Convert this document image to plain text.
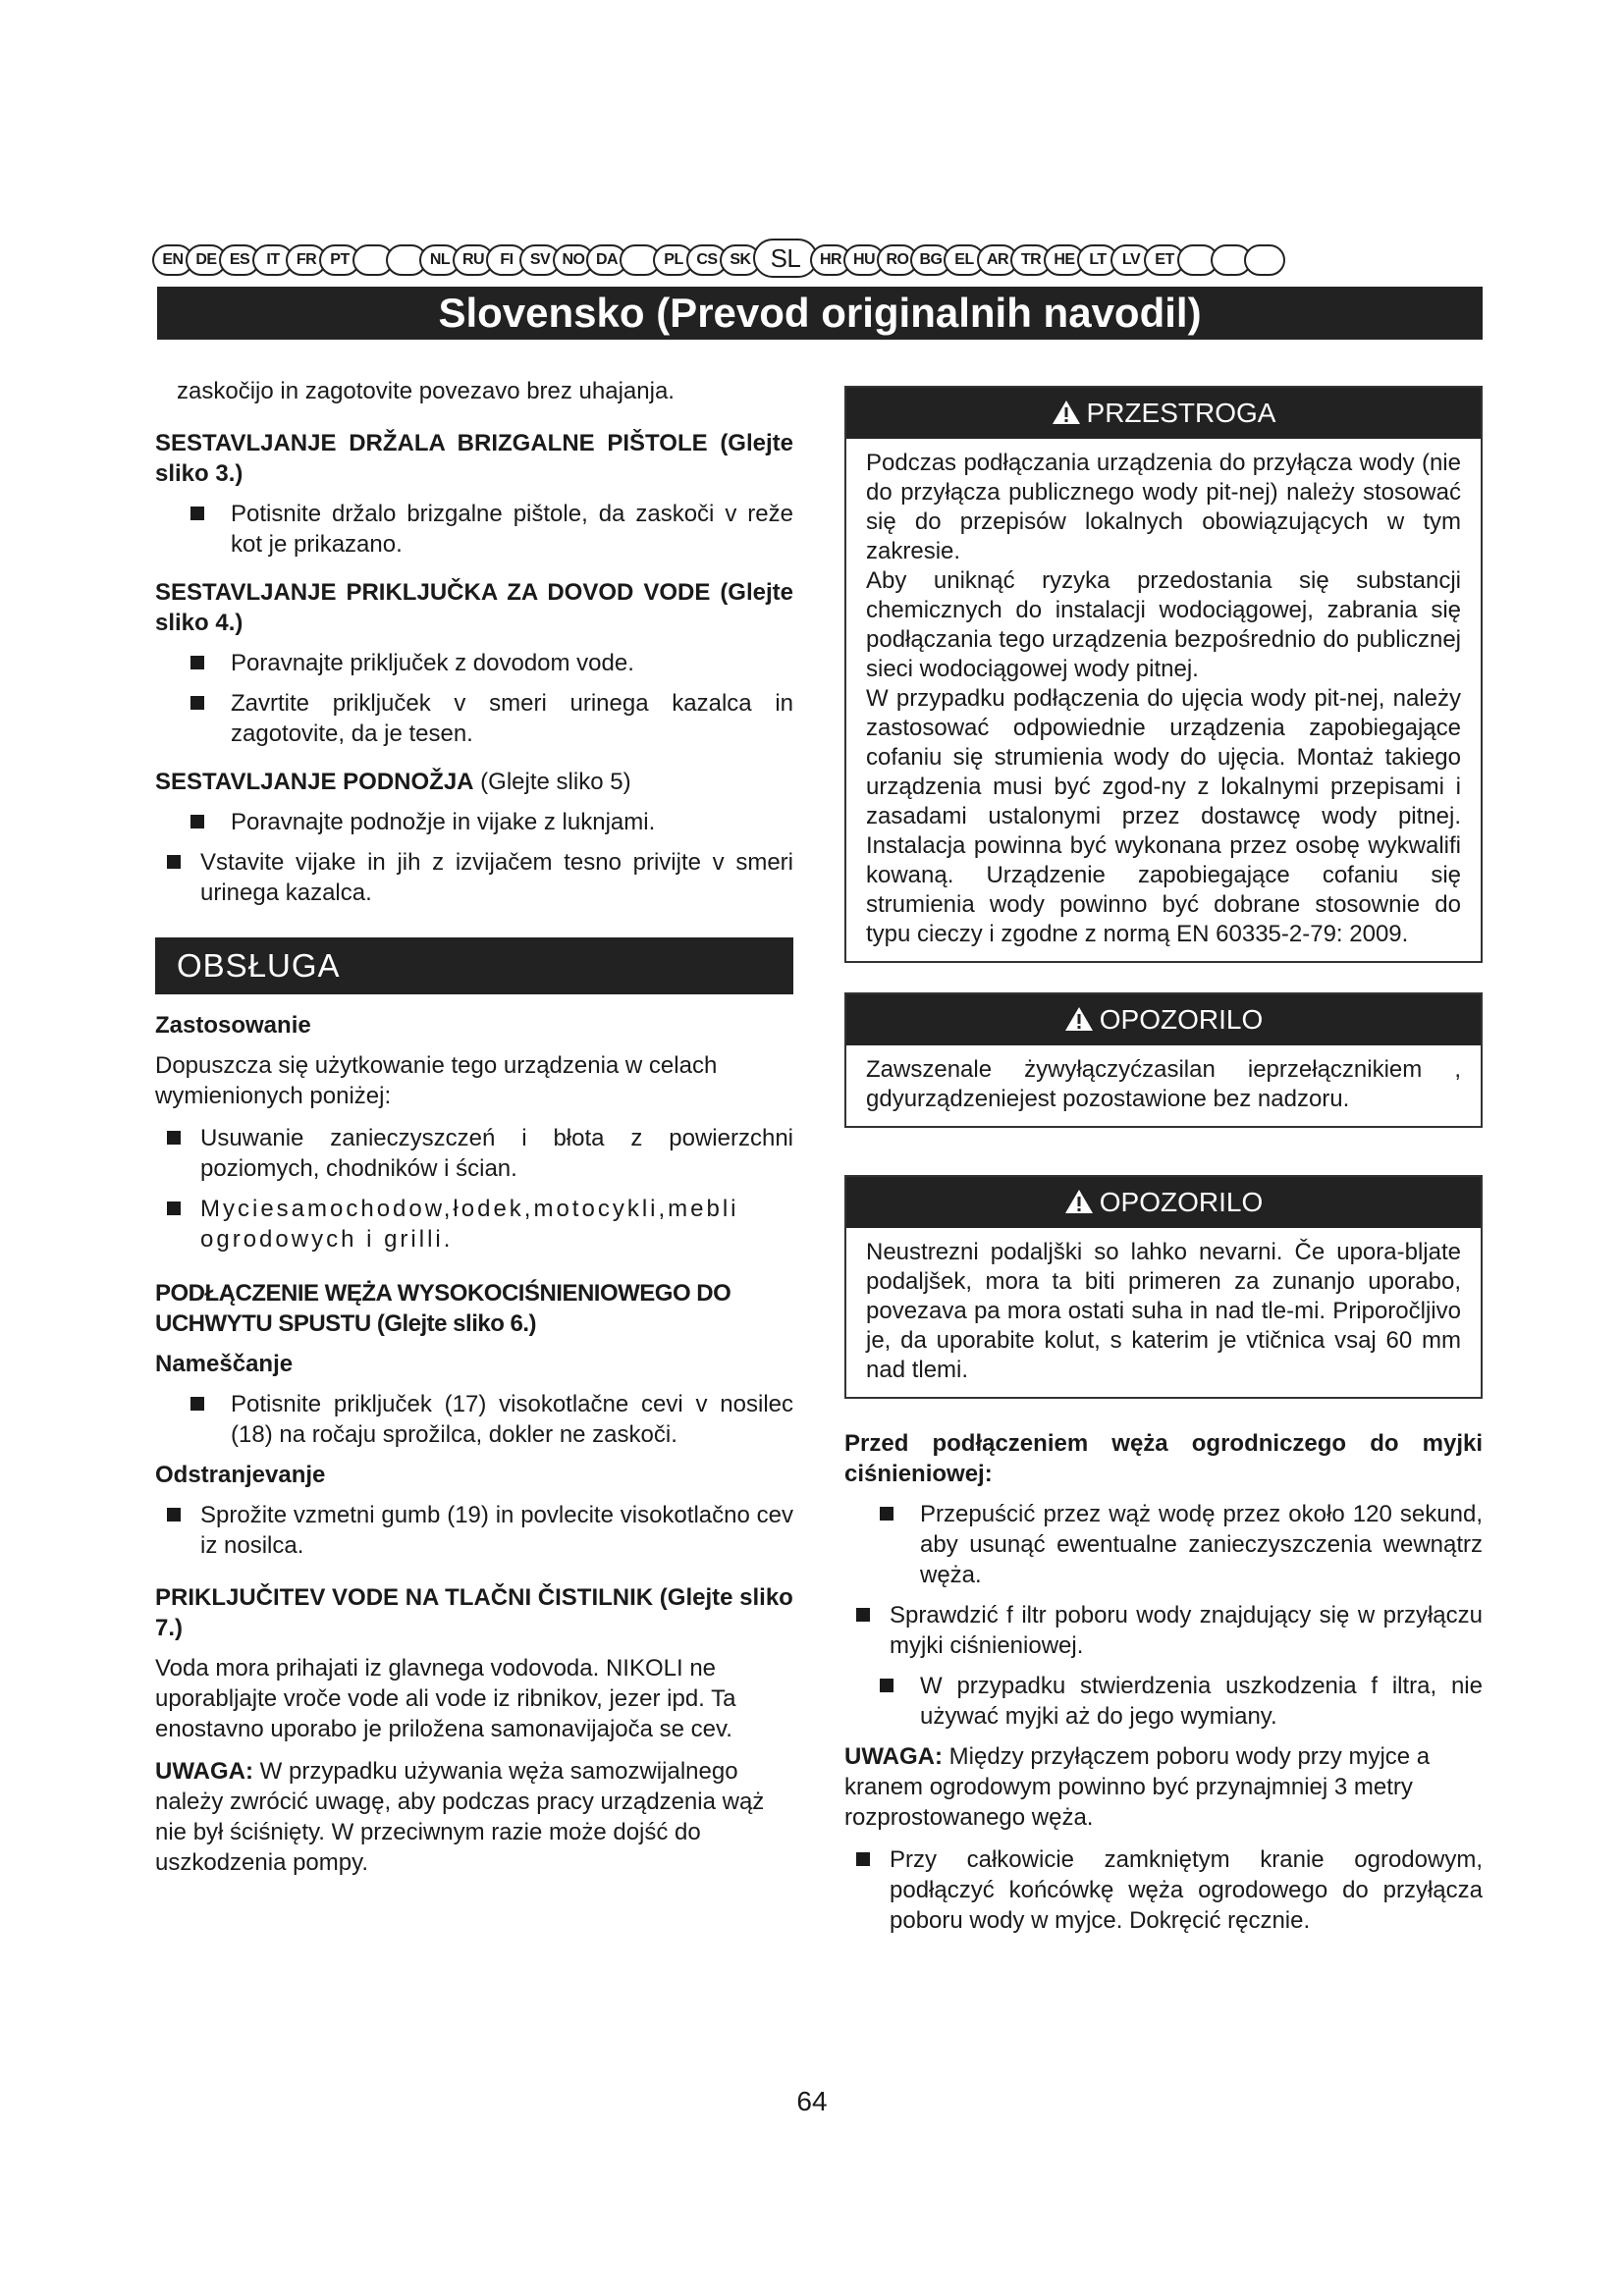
EN DE ES	IT	FR PT	NL RU	FI	SV NO DA	PL CS SK SL	HR HU RO BG EL AR TR HE LT	LV ET
Slovensko (Prevod originalnih navodil)

zaskočijo in zagotovite povezavo brez uhajanja.

SESTAVLJANJE DRŽALA BRIZGALNE PIŠTOLE (Glejte sliko 3.)
Potisnite držalo brizgalne pištole, da zaskoči v reže kot je prikazano.
SESTAVLJANJE PRIKLJUČKA ZA DOVOD VODE (Glejte sliko 4.)
Poravnajte priključek z dovodom vode.
Zavrtite priključek v smeri urinega kazalca in zagotovite, da je tesen.
SESTAVLJANJE PODNOŽJA (Glejte sliko 5)
Poravnajte podnožje in vijake z luknjami.
Vstavite vijake in jih z izvijačem tesno privijte v smeri urinega kazalca.
OBSŁUGA
Zastosowanie

Dopuszcza się użytkowanie tego urządzenia w celach wymienionych poniżej:

Usuwanie zanieczyszczeń i błota z powierzchni poziomych, chodników i ścian.
Myciesamochodow,łodek,motocykli,mebli ogrodowych i grilli.
PODŁĄCZENIE WĘŻA WYSOKOCIŚNIENIOWEGO DO UCHWYTU SPUSTU (Glejte sliko 6.)
Nameščanje
Potisnite priključek (17) visokotlačne cevi v nosilec (18) na ročaju sprožilca, dokler ne zaskoči.
Odstranjevanje
Sprožite vzmetni gumb (19) in povlecite visokotlačno cev iz nosilca.
PRIKLJUČITEV VODE NA TLAČNI ČISTILNIK (Glejte sliko 7.)

Voda mora prihajati iz glavnega vodovoda. NIKOLI ne uporabljajte vroče vode ali vode iz ribnikov, jezer ipd. Ta enostavno uporabo je priložena samonavijajoča se cev.

UWAGA: W przypadku używania węża samozwijalnego należy zwrócić uwagę, aby podczas pracy urządzenia wąż nie był ściśnięty. W przeciwnym razie może dojść do uszkodzenia pompy.

PRZESTROGA
Podczas podłączania urządzenia do przyłącza wody (nie do przyłącza publicznego wody pit-nej) należy stosować się do przepisów lokalnych obowiązujących w tym zakresie.
Aby uniknąć ryzyka przedostania się substancji chemicznych do instalacji wodociągowej, zabrania się podłączania tego urządzenia bezpośrednio do publicznej sieci wodociągowej wody pitnej.
W przypadku podłączenia do ujęcia wody pit-nej, należy zastosować odpowiednie urządzenia zapobiegające cofaniu się strumienia wody do ujęcia. Montaż takiego urządzenia musi być zgod-ny z lokalnymi przepisami i zasadami ustalonymi przez dostawcę wody pitnej. Instalacja powinna być wykonana przez osobę wykwalifi kowaną. Urządzenie zapobiegające cofaniu się strumienia wody powinno być dobrane stosownie do typu cieczy i zgodne z normą EN 60335-2-79: 2009.
OPOZORILO
Zawszenale żywyłączyćzasilan ieprzełącznikiem , gdyurządzeniejest pozostawione bez nadzoru.
OPOZORILO
Neustrezni podaljški so lahko nevarni. Če upora-bljate podaljšek, mora ta biti primeren za zunanjo uporabo, povezava pa mora ostati suha in nad tle-mi. Priporočljivo je, da uporabite kolut, s katerim je vtičnica vsaj 60 mm nad tlemi.
Przed podłączeniem węża ogrodniczego do myjki ciśnieniowej:
Przepuścić przez wąż wodę przez około 120 sekund, aby usunąć ewentualne zanieczyszczenia wewnątrz węża.
Sprawdzić f iltr poboru wody znajdujący się w przyłączu myjki ciśnieniowej.
W przypadku stwierdzenia uszkodzenia f iltra, nie używać myjki aż do jego wymiany.

UWAGA: Między przyłączem poboru wody przy myjce a kranem ogrodowym powinno być przynajmniej 3 metry rozprostowanego węża.

Przy całkowicie zamkniętym kranie ogrodowym, podłączyć końcówkę węża ogrodowego do przyłącza poboru wody w myjce. Dokręcić ręcznie.
64
